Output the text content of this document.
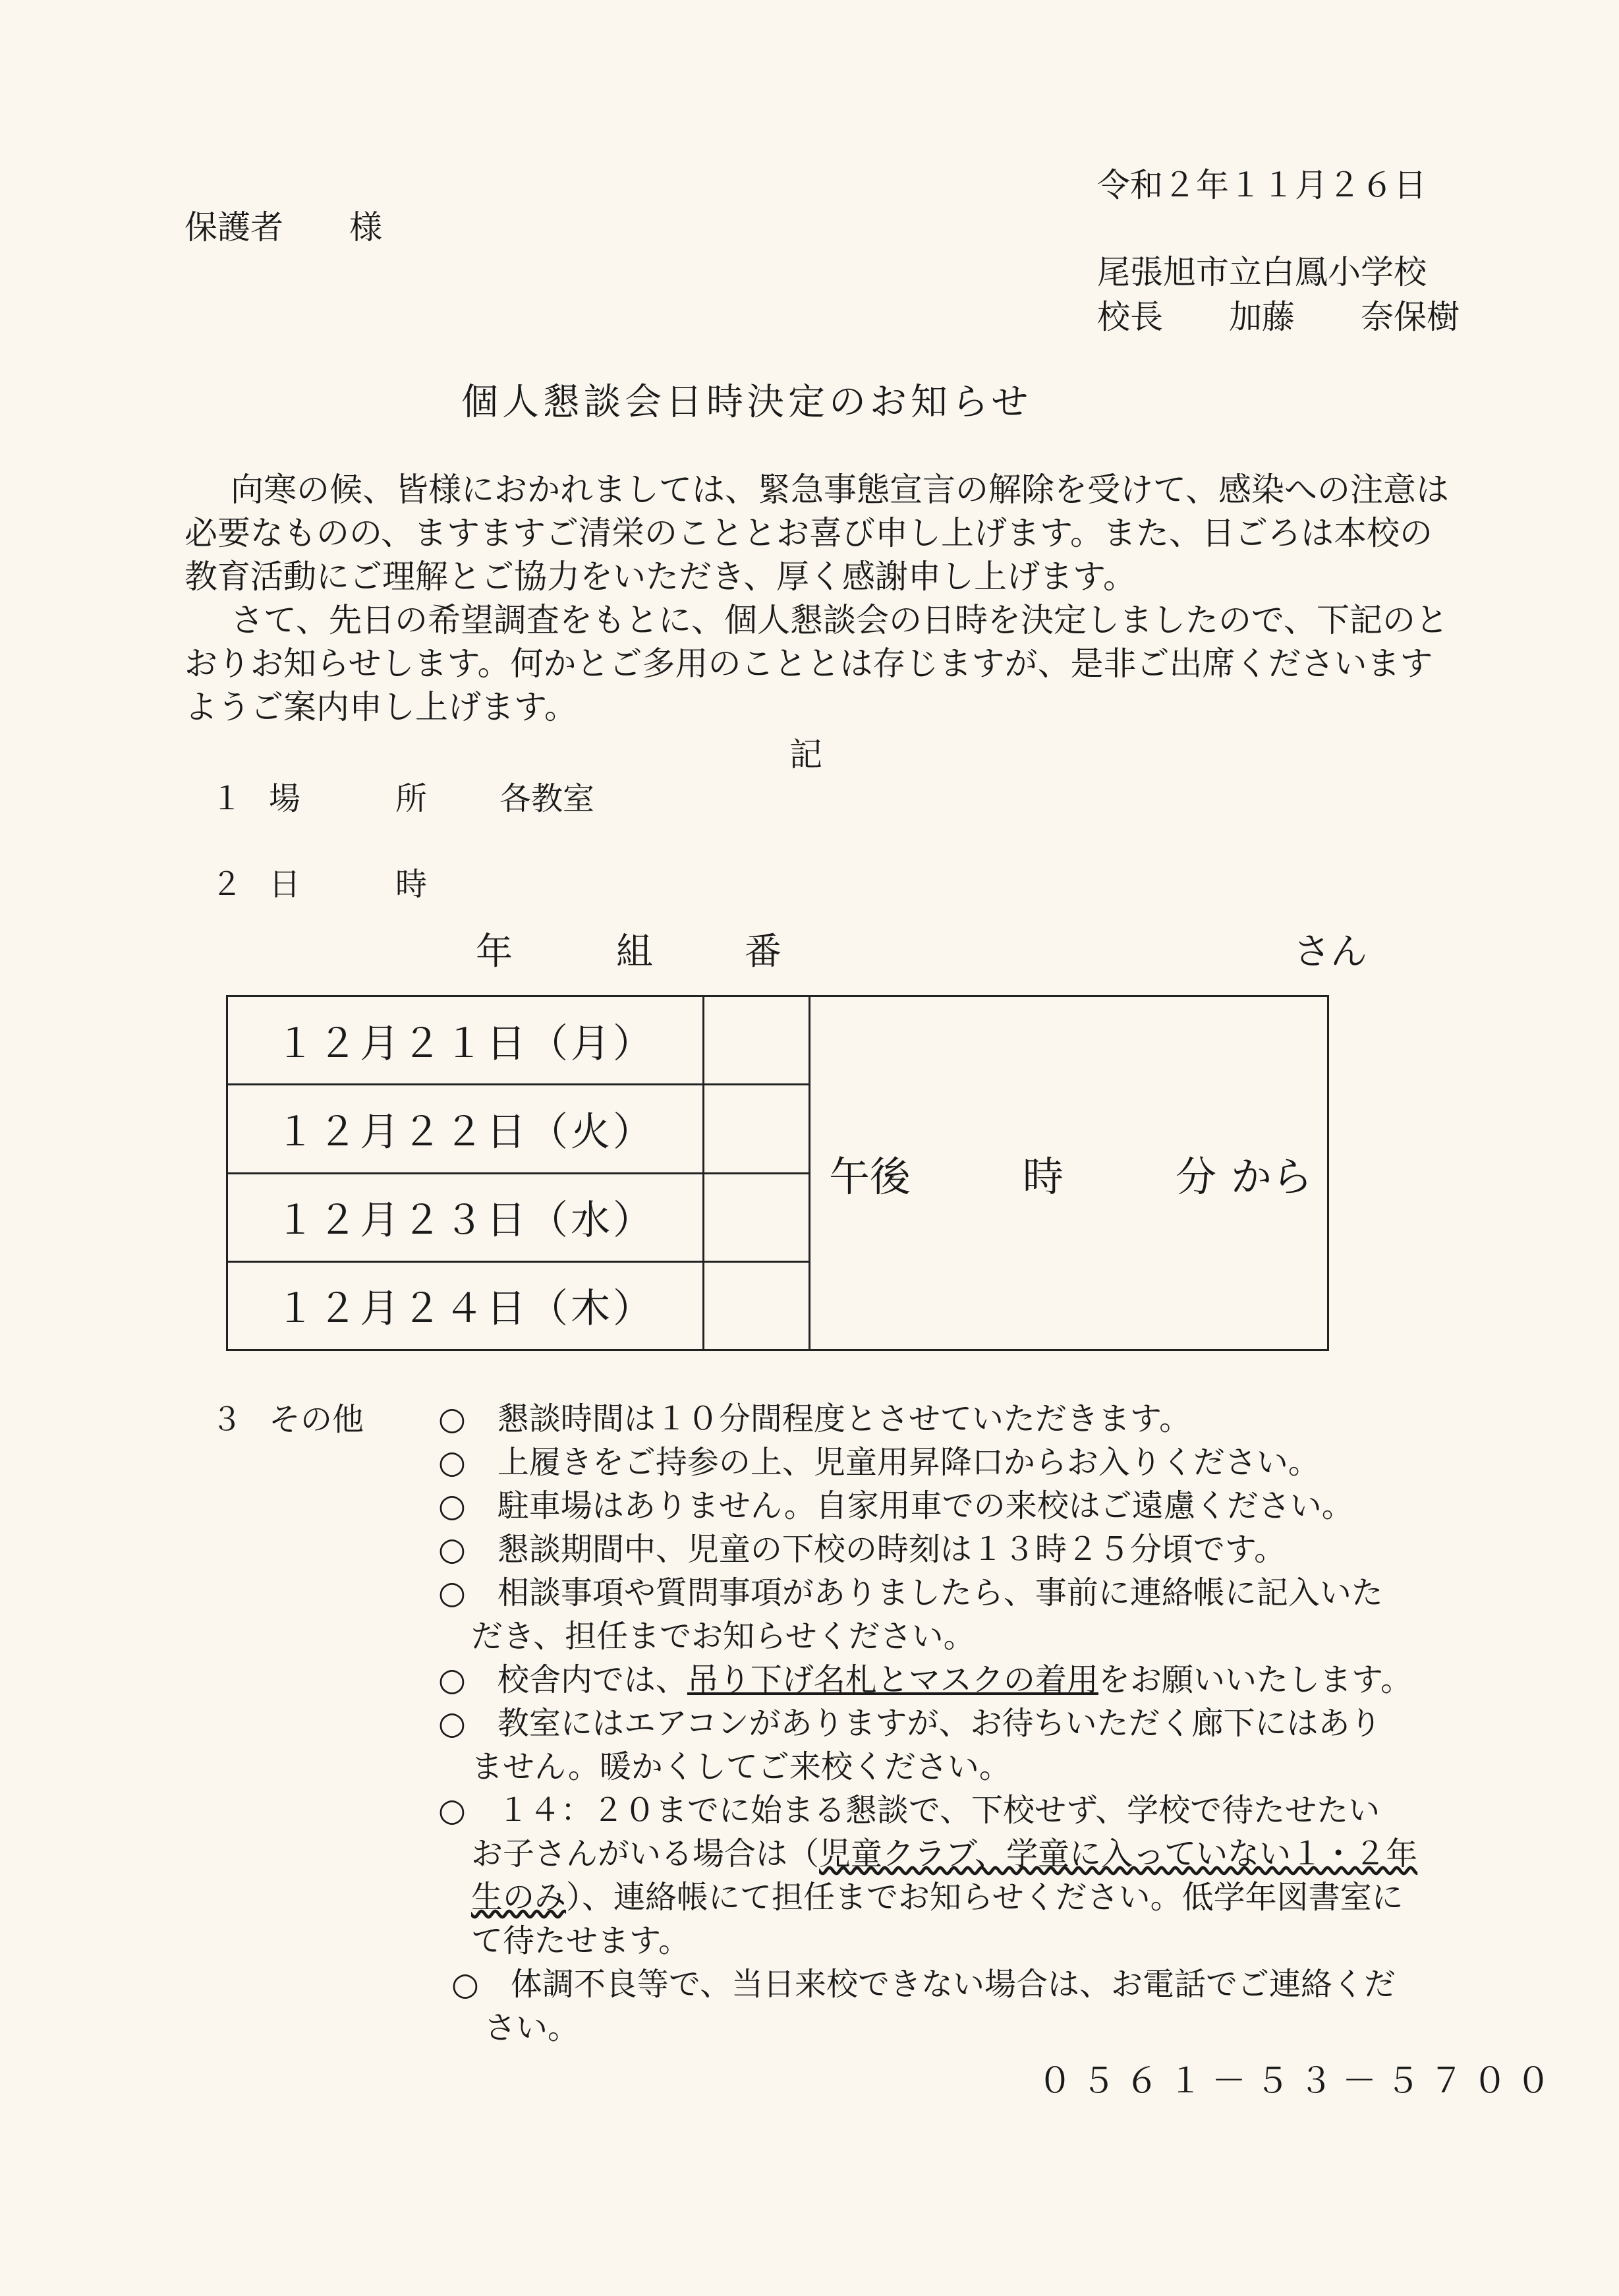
令和２年１１月２６日
保護者　　様
尾張旭市立白鳳小学校
校長　　加藤　　奈保樹
個人懇談会日時決定のお知らせ
向寒の候、皆様におかれましては、緊急事態宣言の解除を受けて、感染への注意は
必要なものの、ますますご清栄のこととお喜び申し上げます。また、日ごろは本校の
教育活動にご理解とご協力をいただき、厚く感謝申し上げます。
さて、先日の希望調査をもとに、個人懇談会の日時を決定しましたので、下記のと
おりお知らせします。何かとご多用のこととは存じますが、是非ご出席くださいます
ようご案内申し上げます。
記
１ 場　　　所 各教室
２ 日　　　時
年	組 番	さん
１２月２１日（月）		午後 時 分 から
１２月２２日（火）		
１２月２３日（水）		
１２月２４日（木）		
３ その他 ○　 懇談時間は１０分間程度とさせていただきます。
○　 上履きをご持参の上、児童用昇降口からお入りください。
○　 駐車場はありません。自家用車での来校はご遠慮ください。
○　 懇談期間中、児童の下校の時刻は１３時２５分頃です。
○　 相談事項や質問事項がありましたら、事前に連絡帳に記入いた
だき、担任までお知らせください。
○　 校舎内では、吊り下げ名札とマスクの着用をお願いいたします。
○　 教室にはエアコンがありますが、お待ちいただく廊下にはあり
ません。暖かくしてご来校ください。
○　 １４：２０までに始まる懇談で、下校せず、学校で待たせたい
お子さんがいる場合は（児童クラブ、学童に入っていない１・２年
生のみ）、連絡帳にて担任までお知らせください。低学年図書室に
て待たせます。
○　 体調不良等で、当日来校できない場合は、お電話でご連絡くだ
さい。
０５６１－５３－５７００
